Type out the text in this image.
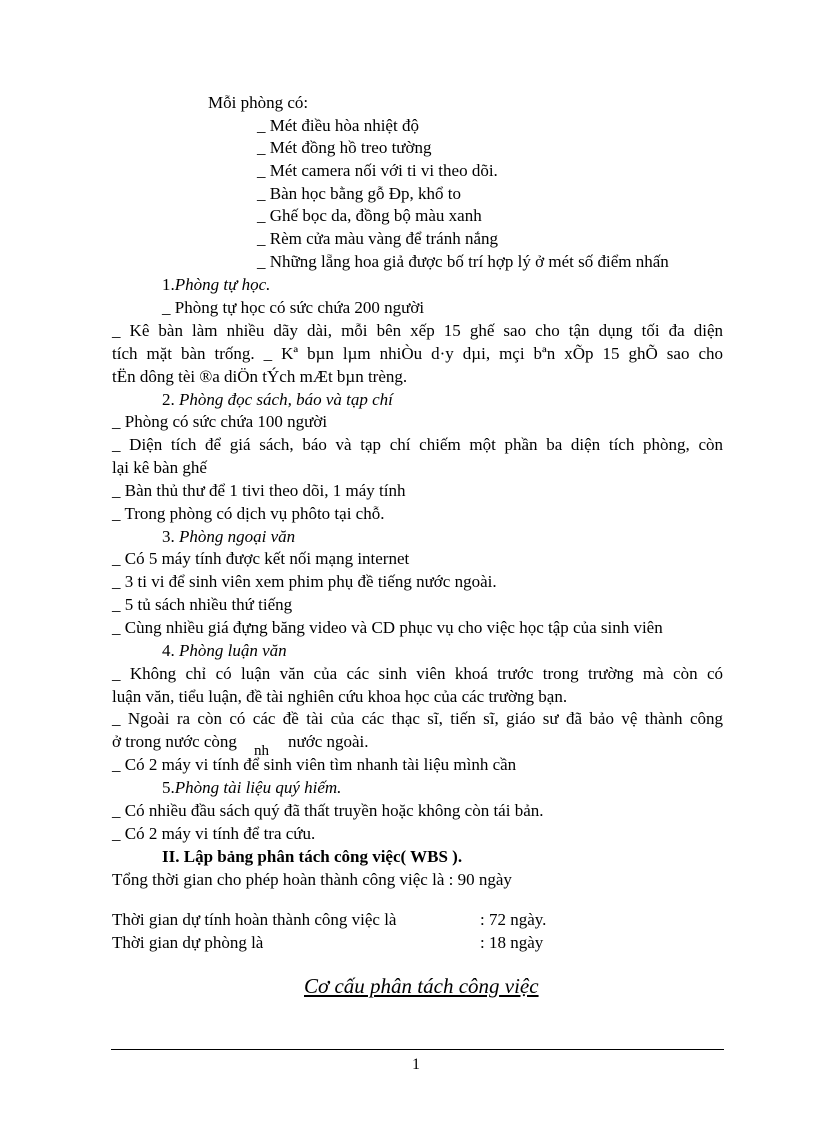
Mỗi phòng có:
_ Mét điều hòa nhiệt độ
_ Mét đồng hồ treo tường
_ Mét camera nối với ti vi theo dõi.
_ Bàn học bằng gỗ Đp, khổ to
_ Ghế bọc da, đồng bộ màu xanh
_ Rèm cửa màu vàng để tránh nắng
_ Những lẵng hoa giả được bố trí hợp lý ở mét số điểm nhấn
1.Phòng tự học.
_ Phòng tự học có sức chứa 200 người
_ Kê bàn làm nhiều dãy dài, mỗi bên xếp 15 ghế sao cho tận dụng tối đa diện
tích mặt bàn trống. _ Kª bµn lµm nhiÒu d·y dµi, mçi bªn xÕp 15 ghÕ sao cho
tËn dông tèi ®a diÖn tÝch mÆt bµn trèng.
2. Phòng đọc sách, báo và tạp chí
_ Phòng có sức chứa 100 người
_ Diện tích để giá sách, báo và tạp chí chiếm một phần ba diện tích phòng, còn
lại kê bàn ghế
_ Bàn thủ thư để 1 tivi theo dõi, 1 máy tính
_ Trong phòng có dịch vụ phôto tại chỗ.
3. Phòng ngoại văn
_ Có 5 máy tính được kết nối mạng internet
_ 3 ti vi để sinh viên xem phim phụ đề tiếng nước ngoài.
_ 5 tủ sách nhiều thứ tiếng
_ Cùng nhiều giá đựng băng video và CD phục vụ cho việc học tập của sinh viên
4. Phòng luận văn
_ Không chỉ có luận văn của các sinh viên khoá trước trong trường mà còn có
luận văn, tiểu luận, đề tài nghiên cứu khoa học của các trường bạn.
_ Ngoài ra còn có các đề tài của các thạc sĩ, tiến sĩ, giáo sư đã bảo vệ thành công
ở trong nước còng nh nước ngoài.
_ Có 2 máy vi tính để sinh viên tìm nhanh tài liệu mình cần
5.Phòng tài liệu quý hiếm.
_ Có nhiều đầu sách quý đã thất truyền hoặc không còn tái bản.
_ Có 2 máy vi tính để tra cứu.
II. Lập bảng phân tách công việc( WBS ).
Tổng thời gian cho phép hoàn thành công việc là : 90 ngày
Thời gian dự tính hoàn thành công việc là	: 72 ngày.
Thời gian dự phòng là	: 18 ngày
Cơ cấu phân tách công việc
1
